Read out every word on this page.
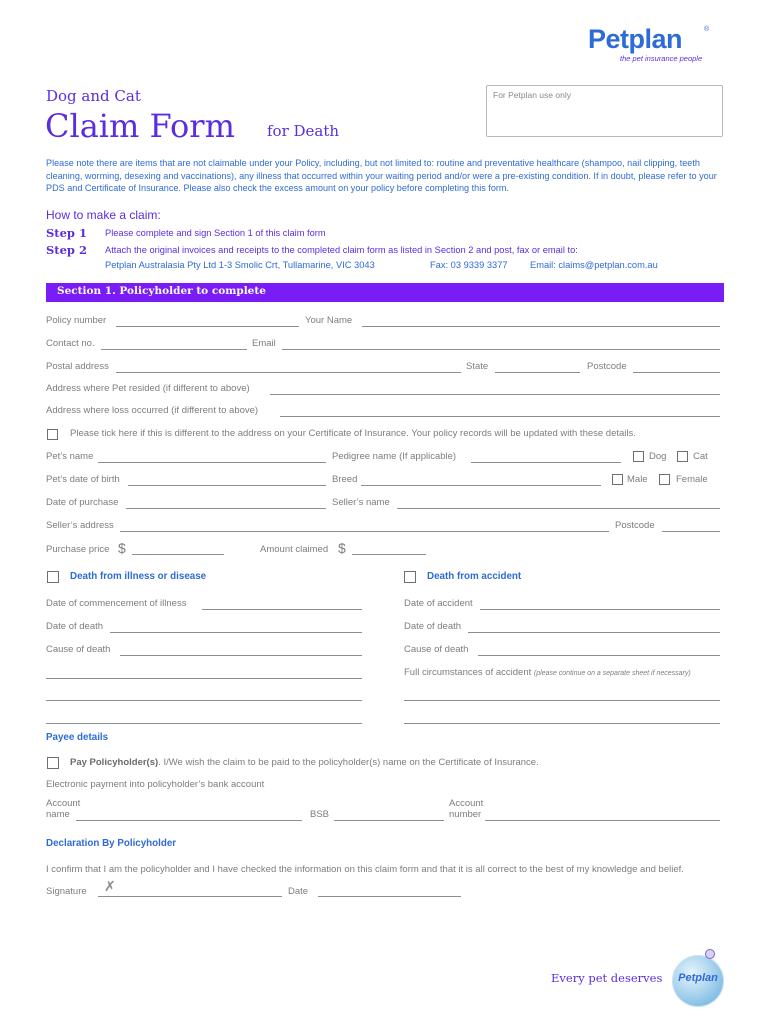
Petplan	®
the pet insurance people
For Petplan use only
Dog and Cat
Claim Form for Death
Please note there are items that are not claimable under your Policy, including, but not limited to: routine and preventative healthcare (shampoo, nail clipping, teeth cleaning, worming, desexing and vaccinations), any illness that occurred within your waiting period and/or were a pre-existing condition. If in doubt, please refer to your PDS and Certificate of Insurance. Please also check the excess amount on your policy before completing this form.
How to make a claim:
Step 1 Please complete and sign Section 1 of this claim form
Step 2 Attach the original invoices and receipts to the completed claim form as listed in Section 2 and post, fax or email to:
Petplan Australasia Pty Ltd 1-3 Smolic Crt, Tullamarine, VIC 3043	Fax: 03 9339 3377 Email: claims@petplan.com.au
Section 1. Policyholder to complete
Policy number	Your Name
Contact no.	Email
Postal address	State	Postcode
Address where Pet resided (if different to above)
Address where loss occurred (if different to above)
Please tick here if this is different to the address on your Certificate of Insurance. Your policy records will be updated with these details.
Pet’s name	Pedigree name (If applicable)	Dog	Cat
Pet’s date of birth	Breed	Male	Female
Date of purchase	Seller’s name
Seller’s address	Postcode
Purchase price $	Amount claimed $
Death from illness or disease	Death from accident
Date of commencement of illness	Date of accident
Date of death	Date of death
Cause of death	Cause of death
Full circumstances of accident (please continue on a separate sheet if necessary)
Payee details
Pay Policyholder(s). I/We wish the claim to be paid to the policyholder(s) name on the Certificate of Insurance.
Electronic payment into policyholder’s bank account
Account
name	BSB
Account
number
Declaration By Policyholder
I confirm that I am the policyholder and I have checked the information on this claim form and that it is all correct to the best of my knowledge and belief.
Signature ✗	Date
Every pet deserves Petplan
